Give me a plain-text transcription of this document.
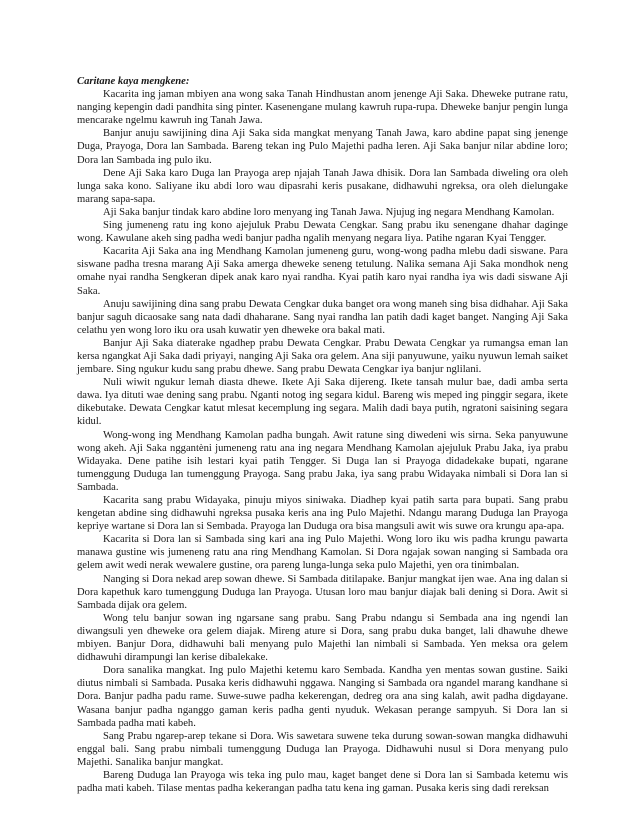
Caritane kaya mengkene:

Kacarita ing jaman mbiyen ana wong saka Tanah Hindhustan anom jenenge Aji Saka. Dheweke putrane ratu, nanging kepengin dadi pandhita sing pinter. Kasenengane mulang kawruh rupa-rupa. Dheweke banjur pengin lunga mencarake ngelmu kawruh ing Tanah Jawa.

Banjur anuju sawijining dina Aji Saka sida mangkat menyang Tanah Jawa, karo abdine papat sing jenenge Duga, Prayoga, Dora lan Sambada. Bareng tekan ing Pulo Majethi padha leren. Aji Saka banjur nilar abdine loro; Dora lan Sambada ing pulo iku.

Dene Aji Saka karo Duga lan Prayoga arep njajah Tanah Jawa dhisik. Dora lan Sambada diweling ora oleh lunga saka kono. Saliyane iku abdi loro wau dipasrahi keris pusakane, didhawuhi ngreksa, ora oleh dielungake marang sapa-sapa.

Aji Saka banjur tindak karo abdine loro menyang ing Tanah Jawa. Njujug ing negara Mendhang Kamolan.

Sing jumeneng ratu ing kono ajejuluk Prabu Dewata Cengkar. Sang prabu iku senengane dhahar daginge wong. Kawulane akeh sing padha wedi banjur padha ngalih menyang negara liya. Patihe ngaran Kyai Tengger.

Kacarita Aji Saka ana ing Mendhang Kamolan jumeneng guru, wong-wong padha mlebu dadi siswane. Para siswane padha tresna marang Aji Saka amerga dheweke seneng tetulung. Nalika semana Aji Saka mondhok neng omahe nyai randha Sengkeran dipek anak karo nyai randha. Kyai patih karo nyai randha iya wis dadi siswane Aji Saka.

Anuju sawijining dina sang prabu Dewata Cengkar duka banget ora wong maneh sing bisa didhahar. Aji Saka banjur saguh dicaosake sang nata dadi dhaharane. Sang nyai randha lan patih dadi kaget banget. Nanging Aji Saka celathu yen wong loro iku ora usah kuwatir yen dheweke ora bakal mati.

Banjur Aji Saka diaterake ngadhep prabu Dewata Cengkar. Prabu Dewata Cengkar ya rumangsa eman lan kersa ngangkat Aji Saka dadi priyayi, nanging Aji Saka ora gelem. Ana siji panyuwune, yaiku nyuwun lemah saiket jembare. Sing ngukur kudu sang prabu dhewe. Sang prabu Dewata Cengkar iya banjur nglilani.

Nuli wiwit ngukur lemah diasta dhewe. Ikete Aji Saka dijereng. Ikete tansah mulur bae, dadi amba serta dawa. Iya dituti wae dening sang prabu. Nganti notog ing segara kidul. Bareng wis meped ing pinggir segara, ikete dikebutake. Dewata Cengkar katut mlesat kecemplung ing segara. Malih dadi baya putih, ngratoni saisining segara kidul.

Wong-wong ing Mendhang Kamolan padha bungah. Awit ratune sing diwedeni wis sirna. Seka panyuwune wong akeh. Aji Saka nggantèni jumeneng ratu ana ing negara Mendhang Kamolan ajejuluk Prabu Jaka, iya prabu Widayaka. Dene patihe isih lestari kyai patih Tengger. Si Duga lan si Prayoga didadekake bupati, ngarane tumenggung Duduga lan tumenggung Prayoga. Sang prabu Jaka, iya sang prabu Widayaka nimbali si Dora lan si Sambada.

Kacarita sang prabu Widayaka, pinuju miyos siniwaka. Diadhep kyai patih sarta para bupati. Sang prabu kengetan abdine sing didhawuhi ngreksa pusaka keris ana ing Pulo Majethi. Ndangu marang Duduga lan Prayoga kepriye wartane si Dora lan si Sembada. Prayoga lan Duduga ora bisa mangsuli awit wis suwe ora krungu apa-apa.

Kacarita si Dora lan si Sambada sing kari ana ing Pulo Majethi. Wong loro iku wis padha krungu pawarta manawa gustine wis jumeneng ratu ana ring Mendhang Kamolan. Si Dora ngajak sowan nanging si Sambada ora gelem awit wedi nerak wewalere gustine, ora pareng lunga-lunga seka pulo Majethi, yen ora tinimbalan.

Nanging si Dora nekad arep sowan dhewe. Si Sambada ditilapake. Banjur mangkat ijen wae. Ana ing dalan si Dora kapethuk karo tumenggung Duduga lan Prayoga. Utusan loro mau banjur diajak bali dening si Dora. Awit si Sambada dijak ora gelem.

Wong telu banjur sowan ing ngarsane sang prabu. Sang Prabu ndangu si Sembada ana ing ngendi lan diwangsuli yen dheweke ora gelem diajak. Mireng ature si Dora, sang prabu duka banget, lali dhawuhe dhewe mbiyen. Banjur Dora, didhawuhi bali menyang pulo Majethi lan nimbali si Sambada. Yen meksa ora gelem didhawuhi dirampungi lan kerise dibalekake.

Dora sanalika mangkat. Ing pulo Majethi ketemu karo Sembada. Kandha yen mentas sowan gustine. Saiki diutus nimbali si Sambada. Pusaka keris didhawuhi nggawa. Nanging si Sambada ora ngandel marang kandhane si Dora. Banjur padha padu rame. Suwe-suwe padha kekerengan, dedreg ora ana sing kalah, awit padha digdayane. Wasana banjur padha nganggo gaman keris padha genti nyuduk. Wekasan perange sampyuh. Si Dora lan si Sambada padha mati kabeh.

Sang Prabu ngarep-arep tekane si Dora. Wis sawetara suwene teka durung sowan-sowan mangka didhawuhi enggal bali. Sang prabu nimbali tumenggung Duduga lan Prayoga. Didhawuhi nusul si Dora menyang pulo Majethi. Sanalika banjur mangkat.

Bareng Duduga lan Prayoga wis teka ing pulo mau, kaget banget dene si Dora lan si Sambada ketemu wis padha mati kabeh. Tilase mentas padha kekerangan padha tatu kena ing gaman. Pusaka keris sing dadi rereksan
